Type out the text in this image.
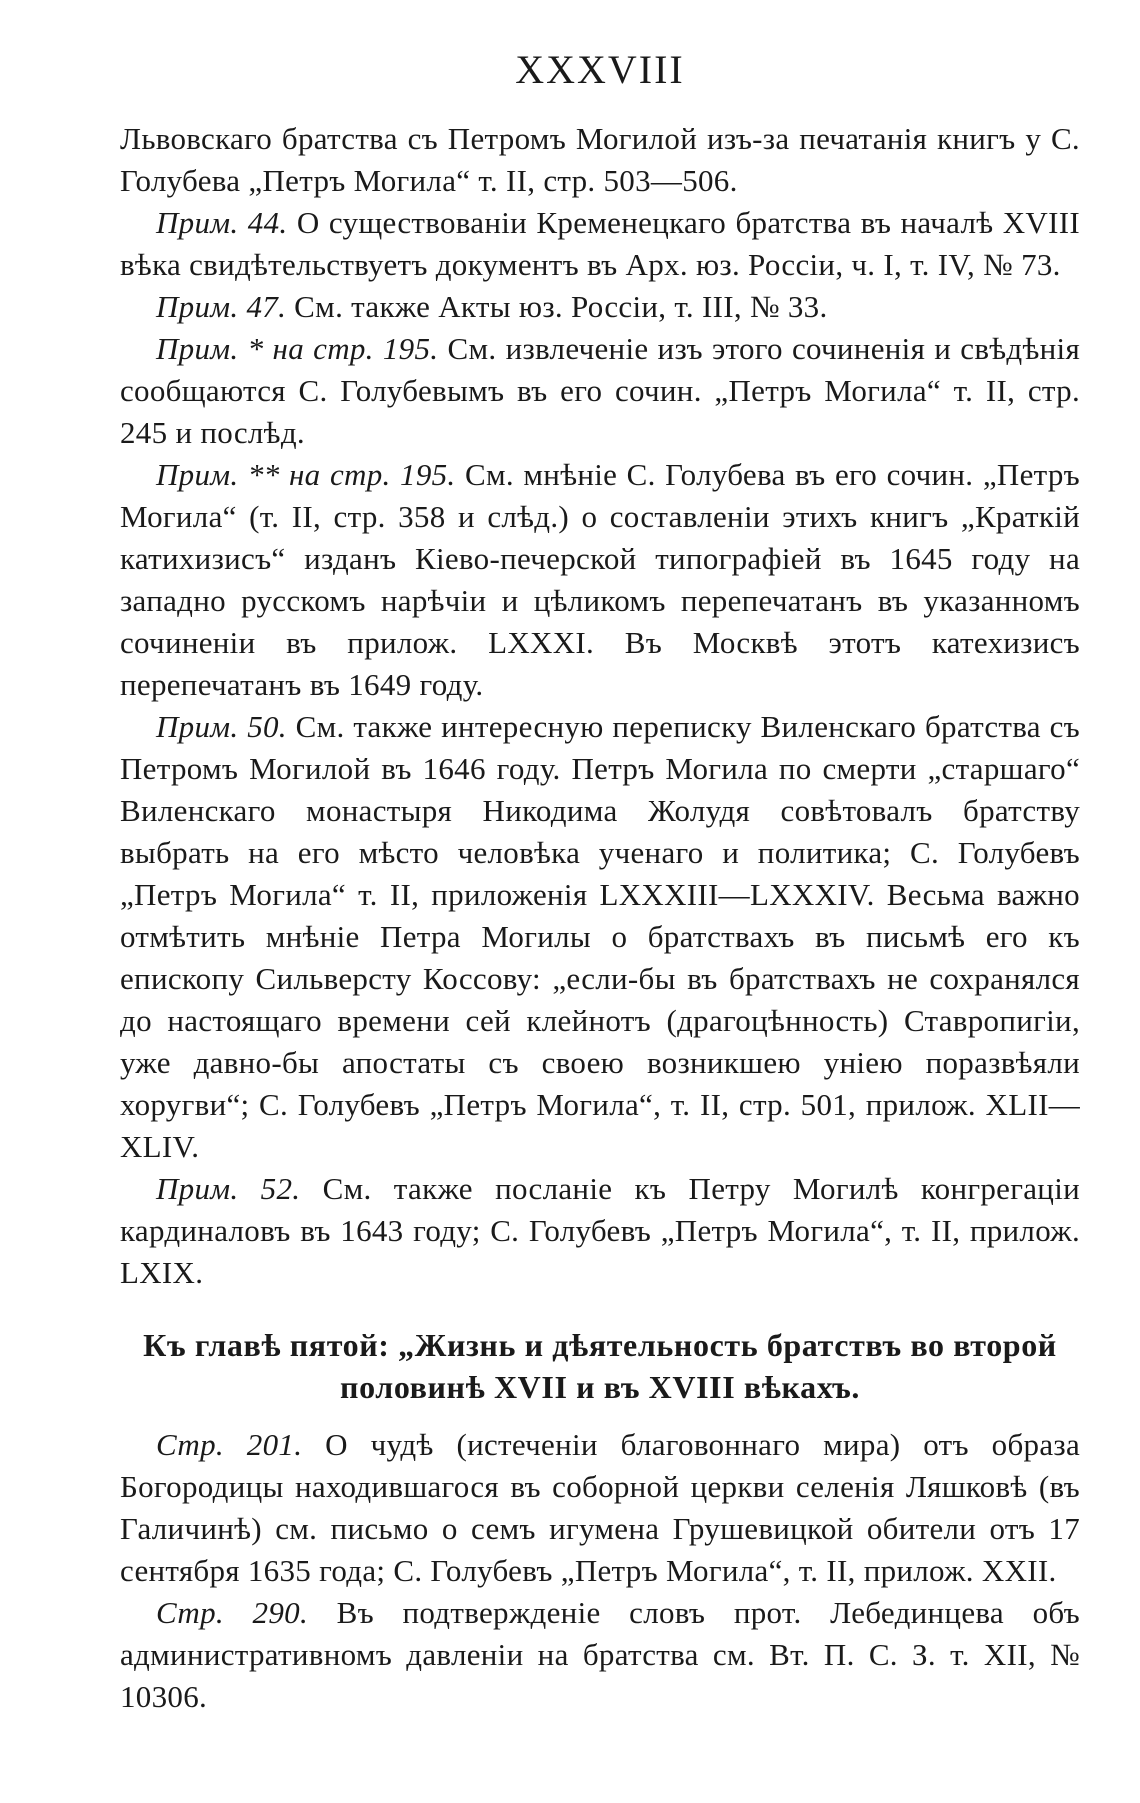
XXXVIII

Львовскаго братства съ Петромъ Могилой изъ-за печатанія книгъ у С. Голубева „Петръ Могила“ т. II, стр. 503—506.

Прим. 44. О существованіи Кременецкаго братства въ началѣ XVIII вѣка свидѣтельствуетъ документъ въ Арх. юз. Россіи, ч. I, т. IV, № 73.

Прим. 47. См. также Акты юз. Россіи, т. III, № 33.

Прим. * на стр. 195. См. извлеченіе изъ этого сочиненія и свѣдѣнія сообщаются С. Голубевымъ въ его сочин. „Петръ Могила“ т. II, стр. 245 и послѣд.

Прим. ** на стр. 195. См. мнѣніе С. Голубева въ его сочин. „Петръ Могила“ (т. II, стр. 358 и слѣд.) о составленіи этихъ книгъ „Краткій катихизисъ“ изданъ Кіево-печерской типографіей въ 1645 году на западно русскомъ нарѣчіи и цѣликомъ перепечатанъ въ указанномъ сочиненіи въ прилож. LXXXI. Въ Москвѣ этотъ катехизисъ перепечатанъ въ 1649 году.

Прим. 50. См. также интересную переписку Виленскаго братства съ Петромъ Могилой въ 1646 году. Петръ Могила по смерти „старшаго“ Виленскаго монастыря Никодима Жолудя совѣтовалъ братству выбрать на его мѣсто человѣка ученаго и политика; С. Голубевъ „Петръ Могила“ т. II, приложенія LXXXIII—LXXXIV. Весьма важно отмѣтить мнѣніе Петра Могилы о братствахъ въ письмѣ его къ епископу Сильверсту Коссову: „если-бы въ братствахъ не сохранялся до настоящаго времени сей клейнотъ (драгоцѣнность) Ставропигіи, уже давно-бы апостаты съ своею возникшею уніею поразвѣяли хоругви“; С. Голубевъ „Петръ Могила“, т. II, стр. 501, прилож. XLII—XLIV.

Прим. 52. См. также посланіе къ Петру Могилѣ конгрегаціи кардиналовъ въ 1643 году; С. Голубевъ „Петръ Могила“, т. II, прилож. LXIX.

Къ главѣ пятой: „Жизнь и дѣятельность братствъ во второй половинѣ XVII и въ XVIII вѣкахъ.

Стр. 201. О чудѣ (истеченіи благовоннаго мира) отъ образа Богородицы находившагося въ соборной церкви селенія Ляшковѣ (въ Галичинѣ) см. письмо о семъ игумена Грушевицкой обители отъ 17 сентября 1635 года; С. Голубевъ „Петръ Могила“, т. II, прилож. XXII.

Стр. 290. Въ подтвержденіе словъ прот. Лебединцева объ административномъ давленіи на братства см. Вт. П. С. З. т. XII, № 10306.
